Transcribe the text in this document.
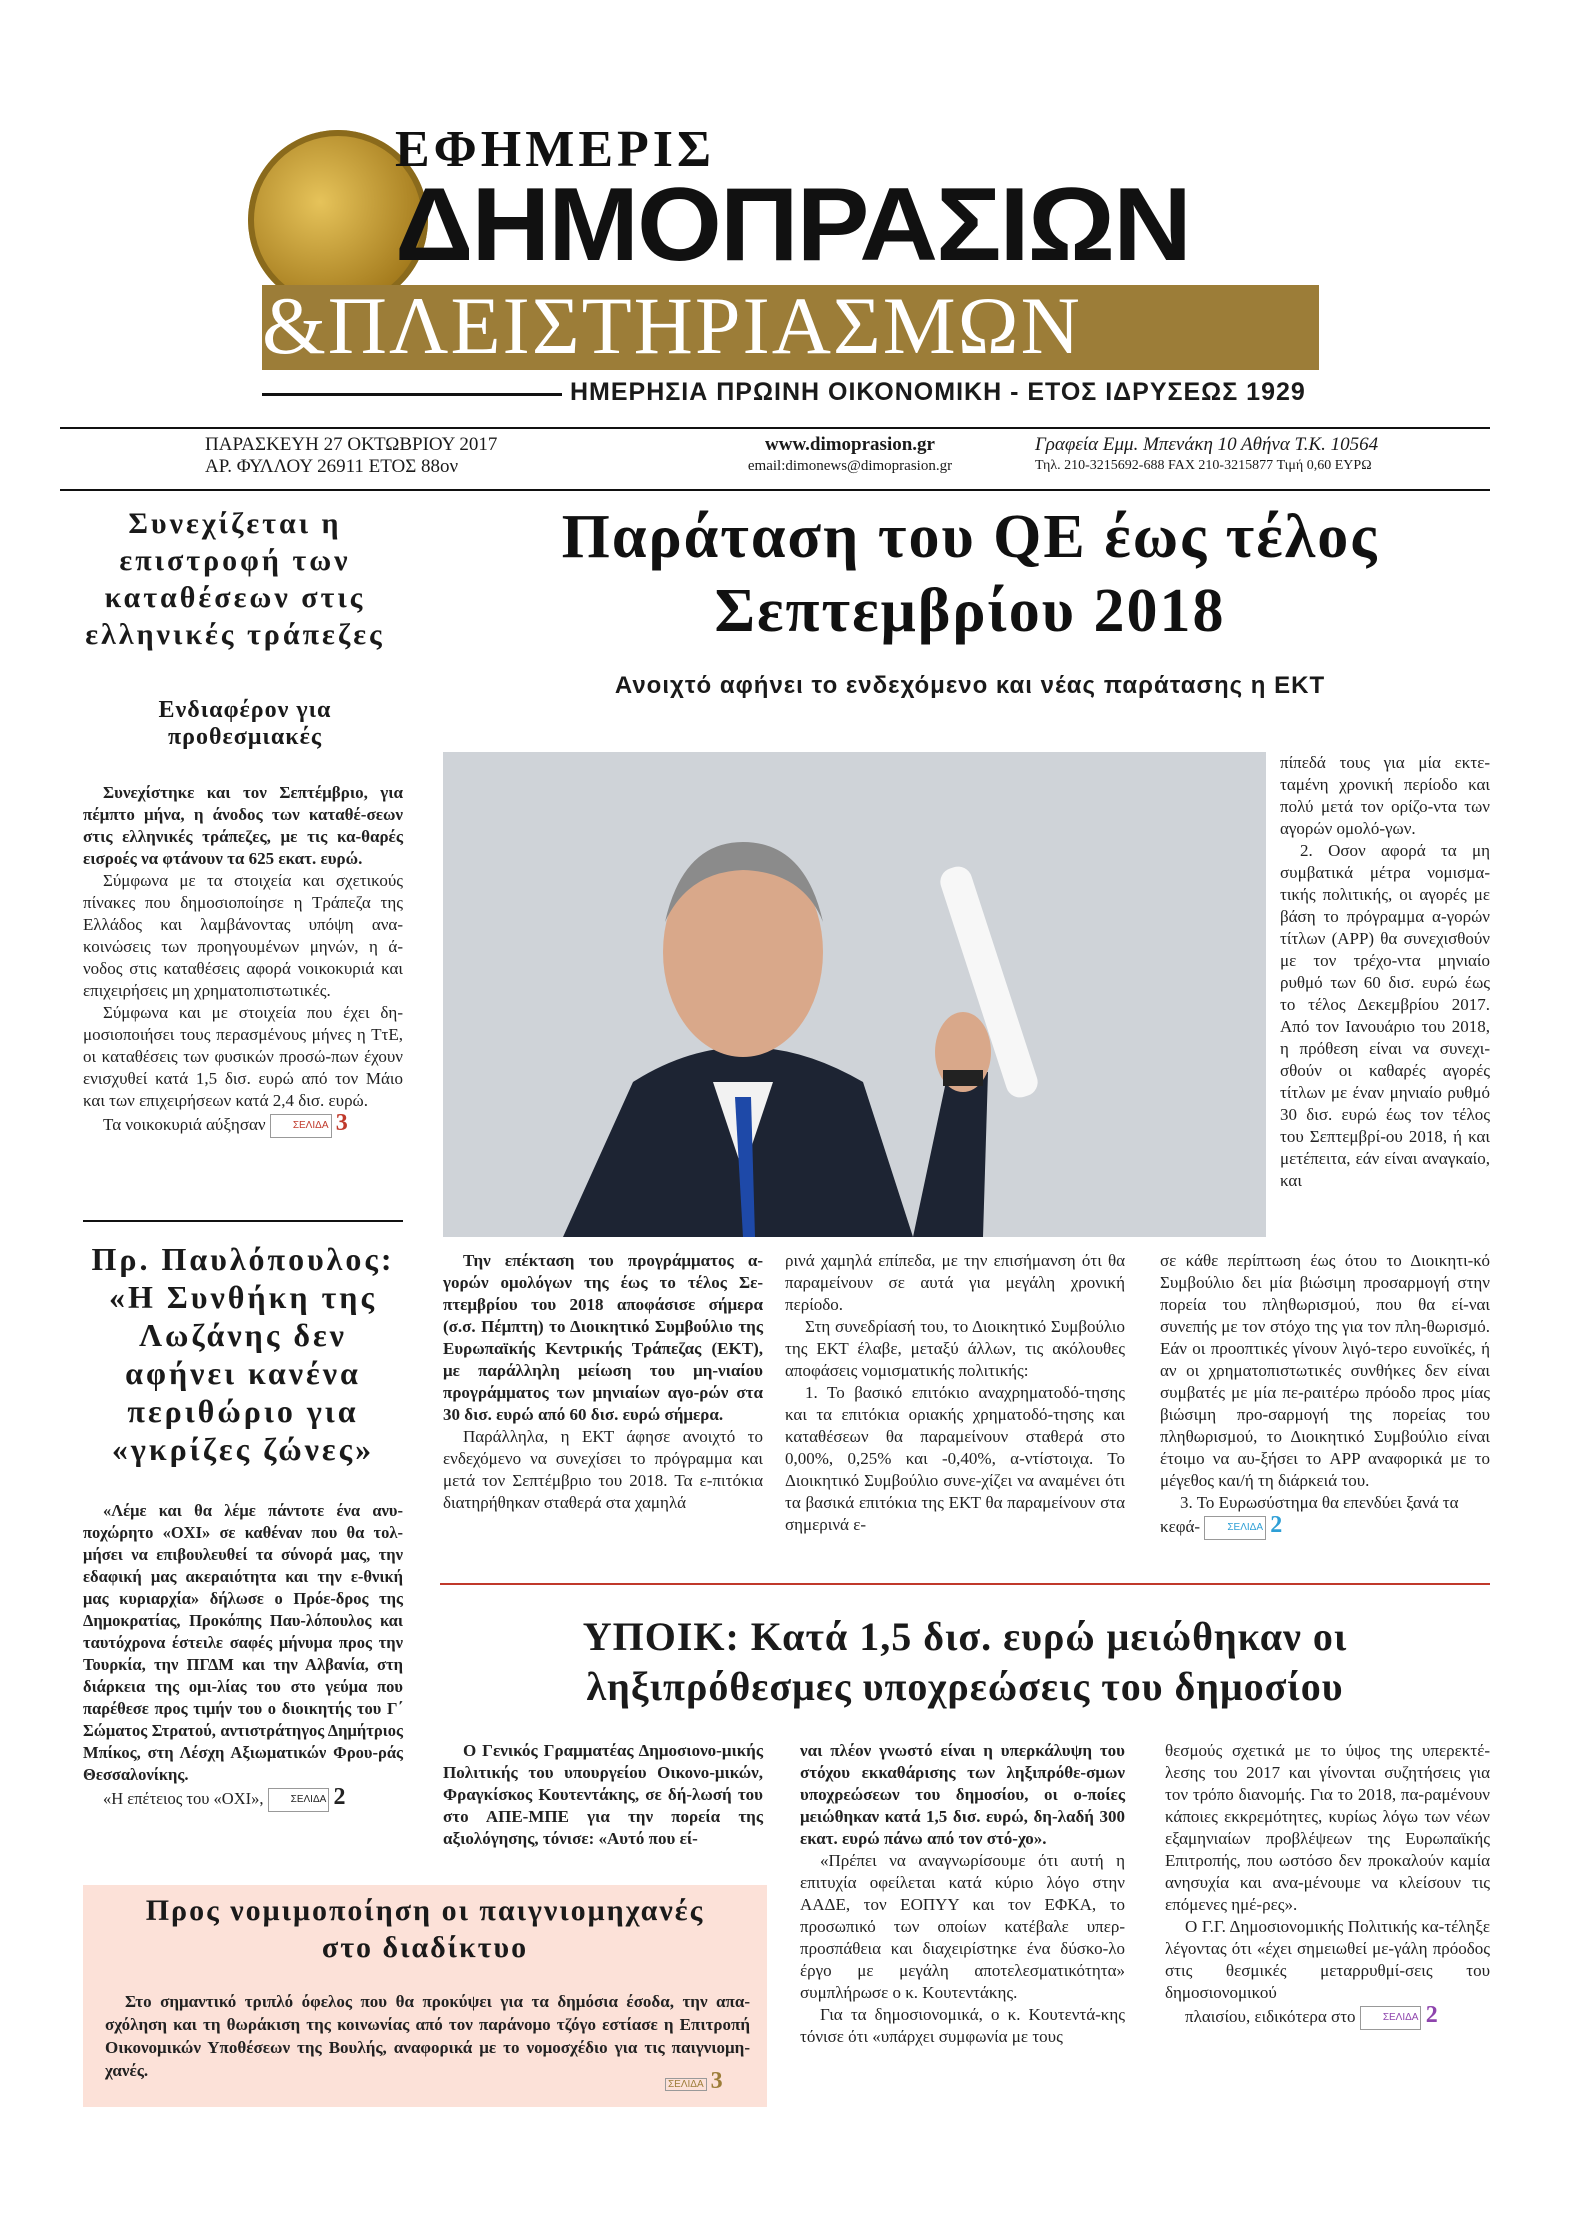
ΕΦΗΜΕΡΙΣ
ΔΗΜΟΠΡΑΣΙΩΝ
&ΠΛΕΙΣΤΗΡΙΑΣΜΩΝ
ΗΜΕΡΗΣΙΑ ΠΡΩΙΝΗ ΟΙΚΟΝΟΜΙΚΗ - ΕΤΟΣ ΙΔΡΥΣΕΩΣ 1929
ΠΑΡΑΣΚΕΥΗ 27 ΟΚΤΩΒΡΙΟΥ 2017
ΑΡ. ΦΥΛΛΟΥ 26911 ΕΤΟΣ 88ον
www.dimoprasion.gr
email:dimonews@dimoprasion.gr
Γραφεία Εμμ. Μπενάκη 10 Αθήνα Τ.Κ. 10564
Τηλ. 210-3215692-688 FAX 210-3215877 Τιμή 0,60 ΕΥΡΩ
Συνεχίζεται η επιστροφή των καταθέσεων στις ελληνικές τράπεζες
Ενδιαφέρον για προθεσμιακές

Συνεχίστηκε και τον Σεπτέμβριο, για πέμπτο μήνα, η άνοδος των καταθέ-σεων στις ελληνικές τράπεζες, με τις κα-θαρές εισροές να φτάνουν τα 625 εκατ. ευρώ.

Σύμφωνα με τα στοιχεία και σχετικούς πίνακες που δημοσιοποίησε η Τράπεζα της Ελλάδος και λαμβάνοντας υπόψη ανα-κοινώσεις των προηγουμένων μηνών, η ά-νοδος στις καταθέσεις αφορά νοικοκυριά και επιχειρήσεις μη χρηματοπιστωτικές.

Σύμφωνα και με στοιχεία που έχει δη-μοσιοποιήσει τους περασμένους μήνες η ΤτΕ, οι καταθέσεις των φυσικών προσώ-πων έχουν ενισχυθεί κατά 1,5 δισ. ευρώ από τον Μάιο και των επιχειρήσεων κατά 2,4 δισ. ευρώ.

Τα νοικοκυριά αύξησαν	ΣΕΛΙΔΑ 3

Πρ. Παυλόπουλος: «Η Συνθήκη της Λωζάνης δεν αφήνει κανένα περιθώριο για «γκρίζες ζώνες»

«Λέμε και θα λέμε πάντοτε ένα ανυ-ποχώρητο «ΟΧΙ» σε καθέναν που θα τολ-μήσει να επιβουλευθεί τα σύνορά μας, την εδαφική μας ακεραιότητα και την ε-θνική μας κυριαρχία» δήλωσε ο Πρόε-δρος της Δημοκρατίας, Προκόπης Παυ-λόπουλος και ταυτόχρονα έστειλε σαφές μήνυμα προς την Τουρκία, την ΠΓΔΜ και την Αλβανία, στη διάρκεια της ομι-λίας του στο γεύμα που παρέθεσε προς τιμήν του ο διοικητής του Γ΄ Σώματος Στρατού, αντιστράτηγος Δημήτριος Μπίκος, στη Λέσχη Αξιωματικών Φρου-ράς Θεσσαλονίκης.

«Η επέτειος του «ΟΧΙ»,	ΣΕΛΙΔΑ 2

Παράταση του QE έως τέλος
Σεπτεμβρίου 2018
Ανοιχτό αφήνει το ενδεχόμενο και νέας παράτασης η ΕΚΤ

Την επέκταση του προγράμματος α-γορών ομολόγων της έως το τέλος Σε-πτεμβρίου του 2018 αποφάσισε σήμερα (σ.σ. Πέμπτη) το Διοικητικό Συμβούλιο της Ευρωπαϊκής Κεντρικής Τράπεζας (ΕΚΤ), με παράλληλη μείωση του μη-νιαίου προγράμματος των μηνιαίων αγο-ρών στα 30 δισ. ευρώ από 60 δισ. ευρώ σήμερα.

Παράλληλα, η ΕΚΤ άφησε ανοιχτό το ενδεχόμενο να συνεχίσει το πρόγραμμα και μετά τον Σεπτέμβριο του 2018. Τα ε-πιτόκια διατηρήθηκαν σταθερά στα χαμηλά

ρινά χαμηλά επίπεδα, με την επισήμανση ότι θα παραμείνουν σε αυτά για μεγάλη χρονική περίοδο.

Στη συνεδρίασή του, το Διοικητικό Συμβούλιο της ΕΚΤ έλαβε, μεταξύ άλλων, τις ακόλουθες αποφάσεις νομισματικής πολιτικής:

1. Το βασικό επιτόκιο αναχρηματοδό-τησης και τα επιτόκια οριακής χρηματοδό-τησης και καταθέσεων θα παραμείνουν σταθερά στο 0,00%, 0,25% και -0,40%, α-ντίστοιχα. Το Διοικητικό Συμβούλιο συνε-χίζει να αναμένει ότι τα βασικά επιτόκια της ΕΚΤ θα παραμείνουν στα σημερινά ε-

πίπεδά τους για μία εκτε-ταμένη χρονική περίοδο και πολύ μετά τον ορίζο-ντα των αγορών ομολό-γων.

2. Οσον αφορά τα μη συμβατικά μέτρα νομισμα-τικής πολιτικής, οι αγορές με βάση το πρόγραμμα α-γορών τίτλων (APP) θα συνεχισθούν με τον τρέχο-ντα μηνιαίο ρυθμό των 60 δισ. ευρώ έως το τέλος Δεκεμβρίου 2017. Από τον Ιανουάριο του 2018, η πρόθεση είναι να συνεχι-σθούν οι καθαρές αγορές τίτλων με έναν μηνιαίο ρυθμό 30 δισ. ευρώ έως τον τέλος του Σεπτεμβρί-ου 2018, ή και μετέπειτα, εάν είναι αναγκαίο, και

σε κάθε περίπτωση έως ότου το Διοικητι-κό Συμβούλιο δει μία βιώσιμη προσαρμογή στην πορεία του πληθωρισμού, που θα εί-ναι συνεπής με τον στόχο της για τον πλη-θωρισμό. Εάν οι προοπτικές γίνουν λιγό-τερο ευνοϊκές, ή αν οι χρηματοπιστωτικές συνθήκες δεν είναι συμβατές με μία πε-ραιτέρω πρόοδο προς μίας βιώσιμη προ-σαρμογή της πορείας του πληθωρισμού, το Διοικητικό Συμβούλιο είναι έτοιμο να αυ-ξήσει το APP αναφορικά με το μέγεθος και/ή τη διάρκειά του.

3. Το Ευρωσύστημα θα επενδύει ξανά τα κεφά-	ΣΕΛΙΔΑ 2

ΥΠΟΙΚ: Κατά 1,5 δισ. ευρώ μειώθηκαν οι
ληξιπρόθεσμες υποχρεώσεις του δημοσίου

Ο Γενικός Γραμματέας Δημοσιονο-μικής Πολιτικής του υπουργείου Οικονο-μικών, Φραγκίσκος Κουτεντάκης, σε δή-λωσή του στο ΑΠΕ-ΜΠΕ για την πορεία της αξιολόγησης, τόνισε: «Αυτό που εί-

ναι πλέον γνωστό είναι η υπερκάλυψη του στόχου εκκαθάρισης των ληξιπρόθε-σμων υποχρεώσεων του δημοσίου, οι ο-ποίες μειώθηκαν κατά 1,5 δισ. ευρώ, δη-λαδή 300 εκατ. ευρώ πάνω από τον στό-χο».

«Πρέπει να αναγνωρίσουμε ότι αυτή η επιτυχία οφείλεται κατά κύριο λόγο στην ΑΑΔΕ, τον ΕΟΠΥΥ και τον ΕΦΚΑ, το προσωπικό των οποίων κατέβαλε υπερ-προσπάθεια και διαχειρίστηκε ένα δύσκο-λο έργο με μεγάλη αποτελεσματικότητα» συμπλήρωσε ο κ. Κουτεντάκης.

Για τα δημοσιονομικά, ο κ. Κουτεντά-κης τόνισε ότι «υπάρχει συμφωνία με τους

θεσμούς σχετικά με το ύψος της υπερεκτέ-λεσης του 2017 και γίνονται συζητήσεις για τον τρόπο διανομής. Για το 2018, πα-ραμένουν κάποιες εκκρεμότητες, κυρίως λόγω των νέων εξαμηνιαίων προβλέψεων της Ευρωπαϊκής Επιτροπής, που ωστόσο δεν προκαλούν καμία ανησυχία και ανα-μένουμε να κλείσουν τις επόμενες ημέ-ρες».

Ο Γ.Γ. Δημοσιονομικής Πολιτικής κα-τέληξε λέγοντας ότι «έχει σημειωθεί με-γάλη πρόοδος στις θεσμικές μεταρρυθμί-σεις του δημοσιονομικού

πλαισίου, ειδικότερα στο	ΣΕΛΙΔΑ 2

Προς νομιμοποίηση οι παιγνιομηχανές
στο διαδίκτυο

Στο σημαντικό τριπλό όφελος που θα προκύψει για τα δημόσια έσοδα, την απα-σχόληση και τη θωράκιση της κοινωνίας από τον παράνομο τζόγο εστίασε η Επιτροπή Οικονομικών Υποθέσεων της Βουλής, αναφορικά με το νομοσχέδιο για τις παιγνιομη-χανές.

ΣΕΛΙΔΑ 3
